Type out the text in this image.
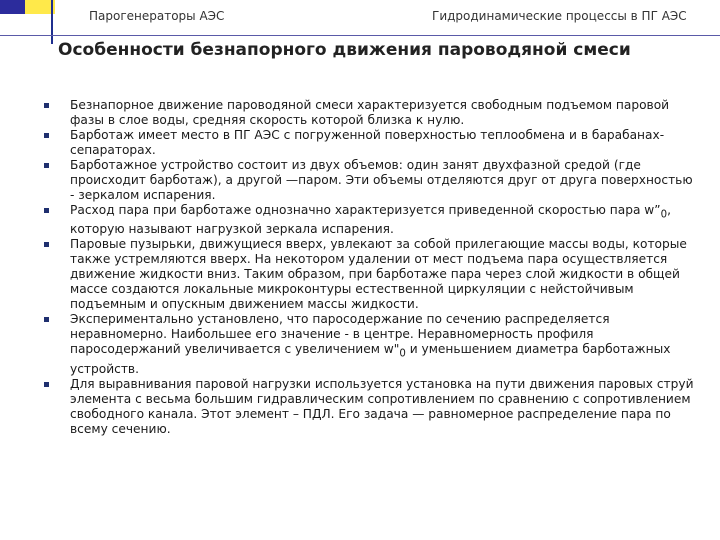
Парогенераторы АЭС	Гидродинамические процессы в ПГ АЭС
Особенности безнапорного движения пароводяной смеси
Безнапорное движение пароводяной смеси характеризуется свободным подъемом паровой фазы в слое воды, средняя скорость которой близка к нулю.
Барботаж имеет место в ПГ АЭС с погруженной поверхностью теплообмена и в барабанах-сепараторах.
Барботажное устройство состоит из двух объемов: один занят двухфазной средой (где происходит барботаж), а другой —паром. Эти объемы отделяются друг от друга поверхностью - зеркалом испарения.
Расход пара при барботаже однозначно характеризуется приведенной скоростью пара $w”_0$, которую называют нагрузкой зеркала испарения.
Паровые пузырьки, движущиеся вверх, увлекают за собой прилегающие массы воды, которые также устремляются вверх. На некотором удалении от мест подъема пара осуществляется движение жидкости вниз. Таким образом, при барботаже пара через слой жидкости в общей массе создаются локальные микроконтуры естественной циркуляции с нейстойчивым подъемным и опускным движением массы жидкости.
Экспериментально установлено, что паросодержание по сечению распределяется неравномерно. Наибольшее его значение - в центре. Неравномерность профиля паросодержаний увеличивается с увеличением $w"_0$ и уменьшением диаметра барботажных устройств.
Для выравнивания паровой нагрузки используется установка на пути движения паровых струй элемента с весьма большим гидравлическим сопротивлением по сравнению с сопротивлением свободного канала. Этот элемент – ПДЛ. Его задача — равномерное распределение пара по всему сечению.
